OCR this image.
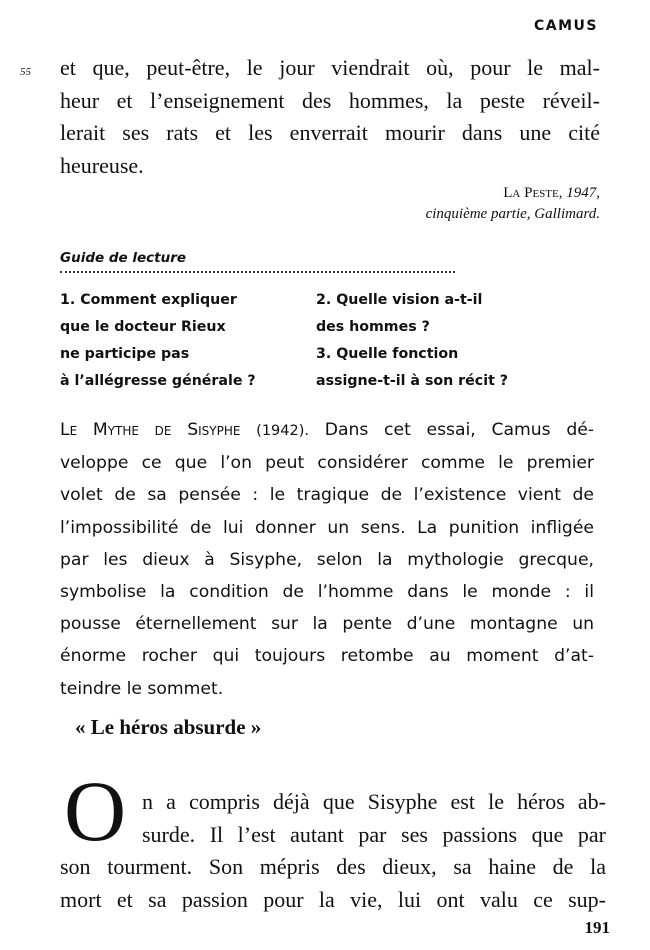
CAMUS
55 et que, peut-être, le jour viendrait où, pour le mal-
heur et l’enseignement des hommes, la peste réveil-
lerait ses rats et les enverrait mourir dans une cité
heureuse.
La Peste, 1947,
cinquième partie, Gallimard.
Guide de lecture
1. Comment expliquer
que le docteur Rieux
ne participe pas
à l’allégresse générale ?
2. Quelle vision a-t-il
des hommes ?
3. Quelle fonction
assigne-t-il à son récit ?
Le Mythe de Sisyphe (1942). Dans cet essai, Camus dé-
veloppe ce que l’on peut considérer comme le premier
volet de sa pensée : le tragique de l’existence vient de
l’impossibilité de lui donner un sens. La punition infligée
par les dieux à Sisyphe, selon la mythologie grecque,
symbolise la condition de l’homme dans le monde : il
pousse éternellement sur la pente d’une montagne un
énorme rocher qui toujours retombe au moment d’at-
teindre le sommet.
« Le héros absurde »
O n a compris déjà que Sisyphe est le héros ab-
surde. Il l’est autant par ses passions que par
son tourment. Son mépris des dieux, sa haine de la
mort et sa passion pour la vie, lui ont valu ce sup-
191
